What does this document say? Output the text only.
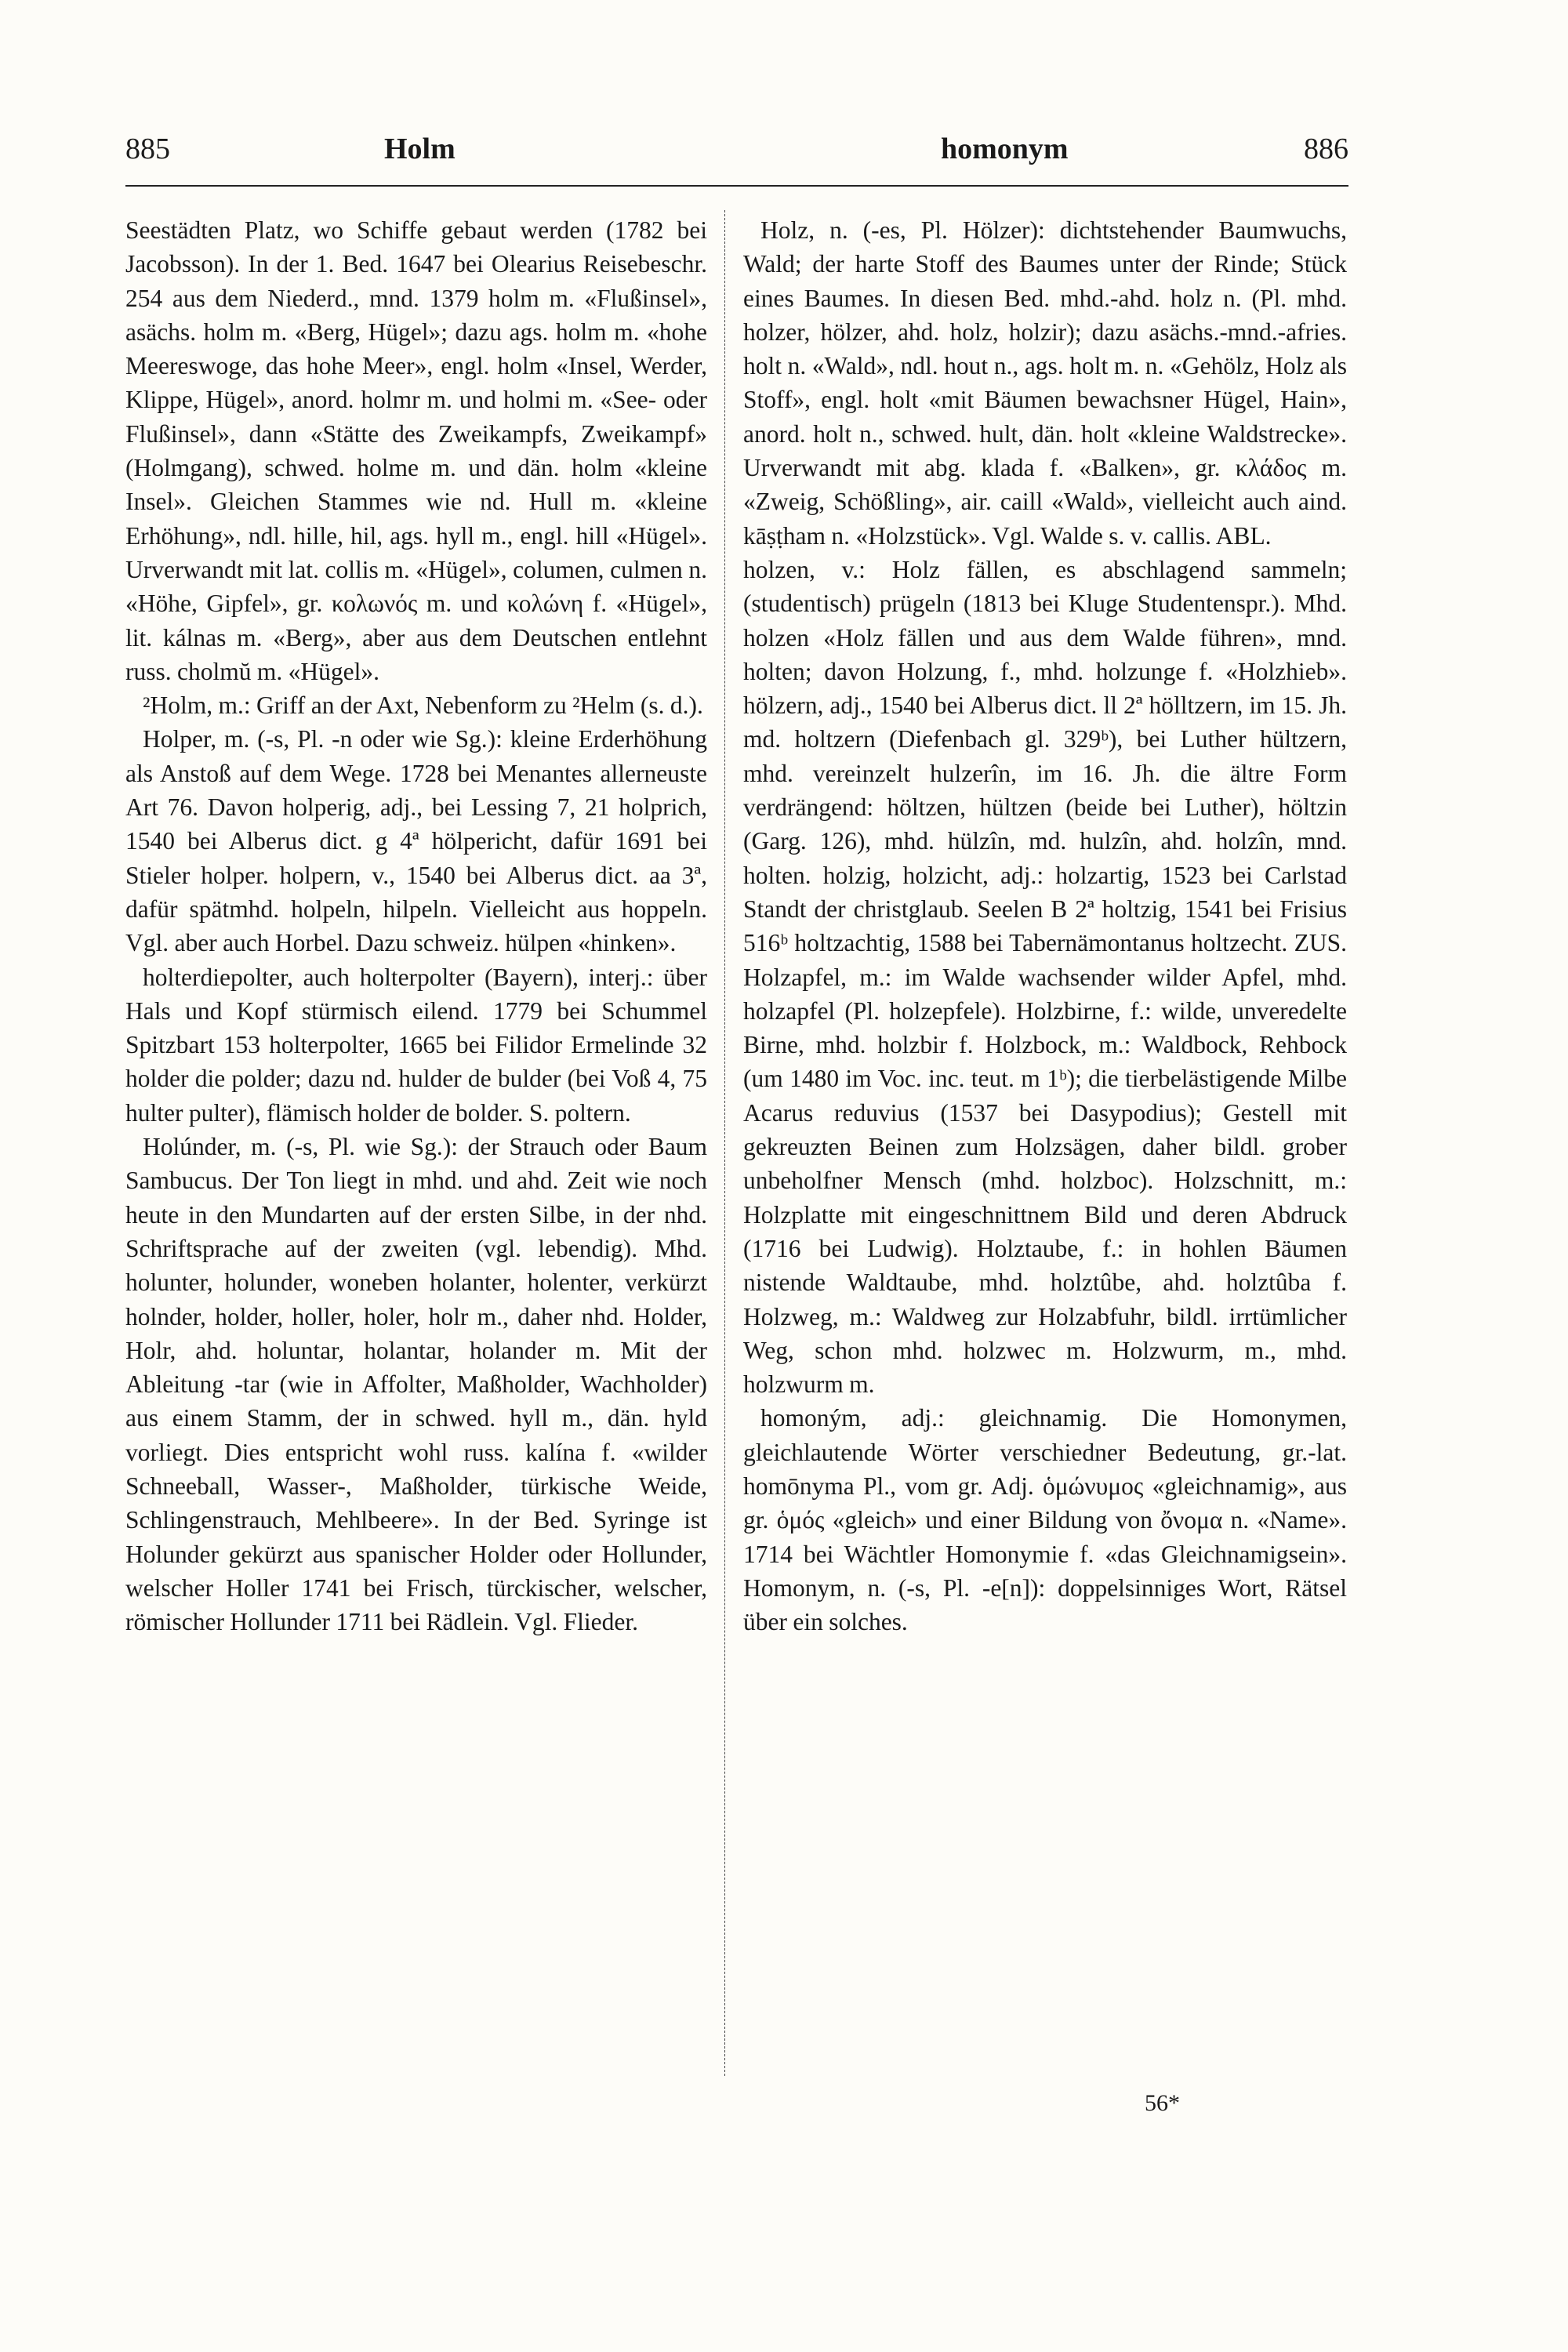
885	Holm	homonym	886

Seestädten Platz, wo Schiffe gebaut werden (1782 bei Jacobsson). In der 1. Bed. 1647 bei Olearius Reisebeschr. 254 aus dem Niederd., mnd. 1379 holm m. «Flußinsel», asächs. holm m. «Berg, Hügel»; dazu ags. holm m. «hohe Meereswoge, das hohe Meer», engl. holm «Insel, Werder, Klippe, Hügel», anord. holmr m. und holmi m. «See- oder Flußinsel», dann «Stätte des Zweikampfs, Zweikampf» (Holmgang), schwed. holme m. und dän. holm «kleine Insel». Gleichen Stammes wie nd. Hull m. «kleine Erhöhung», ndl. hille, hil, ags. hyll m., engl. hill «Hügel». Urverwandt mit lat. collis m. «Hügel», columen, culmen n. «Höhe, Gipfel», gr. κολωνός m. und κολώνη f. «Hügel», lit. kálnas m. «Berg», aber aus dem Deutschen entlehnt russ. cholmŭ m. «Hügel».

²Holm, m.: Griff an der Axt, Nebenform zu ²Helm (s. d.).

Holper, m. (-s, Pl. -n oder wie Sg.): kleine Erderhöhung als Anstoß auf dem Wege. 1728 bei Menantes allerneuste Art 76. Davon holperig, adj., bei Lessing 7, 21 holprich, 1540 bei Alberus dict. g 4ª hölpericht, dafür 1691 bei Stieler holper. holpern, v., 1540 bei Alberus dict. aa 3ª, dafür spätmhd. holpeln, hilpeln. Vielleicht aus hoppeln. Vgl. aber auch Horbel. Dazu schweiz. hülpen «hinken».

holterdiepolter, auch holterpolter (Bayern), interj.: über Hals und Kopf stürmisch eilend. 1779 bei Schummel Spitzbart 153 holterpolter, 1665 bei Filidor Ermelinde 32 holder die polder; dazu nd. hulder de bulder (bei Voß 4, 75 hulter pulter), flämisch holder de bolder. S. poltern.

Holúnder, m. (-s, Pl. wie Sg.): der Strauch oder Baum Sambucus. Der Ton liegt in mhd. und ahd. Zeit wie noch heute in den Mundarten auf der ersten Silbe, in der nhd. Schriftsprache auf der zweiten (vgl. lebendig). Mhd. holunter, holunder, woneben holanter, holenter, verkürzt holnder, holder, holler, holer, holr m., daher nhd. Holder, Holr, ahd. holuntar, holantar, holander m. Mit der Ableitung -tar (wie in Affolter, Maßholder, Wachholder) aus einem Stamm, der in schwed. hyll m., dän. hyld vorliegt. Dies entspricht wohl russ. kalína f. «wilder Schneeball, Wasser-, Maßholder, türkische Weide, Schlingenstrauch, Mehlbeere». In der Bed. Syringe ist Holunder gekürzt aus spanischer Holder oder Hollunder, welscher Holler 1741 bei Frisch, türckischer, welscher, römischer Hollunder 1711 bei Rädlein. Vgl. Flieder.

Holz, n. (-es, Pl. Hölzer): dichtstehender Baumwuchs, Wald; der harte Stoff des Baumes unter der Rinde; Stück eines Baumes. In diesen Bed. mhd.-ahd. holz n. (Pl. mhd. holzer, hölzer, ahd. holz, holzir); dazu asächs.-mnd.-afries. holt n. «Wald», ndl. hout n., ags. holt m. n. «Gehölz, Holz als Stoff», engl. holt «mit Bäumen bewachsner Hügel, Hain», anord. holt n., schwed. hult, dän. holt «kleine Waldstrecke». Urverwandt mit abg. klada f. «Balken», gr. κλάδος m. «Zweig, Schößling», air. caill «Wald», vielleicht auch aind. kāṣṭham n. «Holzstück». Vgl. Walde s. v. callis. ABL.

holzen, v.: Holz fällen, es abschlagend sammeln; (studentisch) prügeln (1813 bei Kluge Studentenspr.). Mhd. holzen «Holz fällen und aus dem Walde führen», mnd. holten; davon Holzung, f., mhd. holzunge f. «Holzhieb». hölzern, adj., 1540 bei Alberus dict. ll 2ª hölltzern, im 15. Jh. md. holtzern (Diefenbach gl. 329ᵇ), bei Luther hültzern, mhd. vereinzelt hulzerîn, im 16. Jh. die ältre Form verdrängend: höltzen, hültzen (beide bei Luther), höltzin (Garg. 126), mhd. hülzîn, md. hulzîn, ahd. holzîn, mnd. holten. holzig, holzicht, adj.: holzartig, 1523 bei Carlstad Standt der christglaub. Seelen B 2ª holtzig, 1541 bei Frisius 516ᵇ holtzachtig, 1588 bei Tabernämontanus holtzecht. ZUS. Holzapfel, m.: im Walde wachsender wilder Apfel, mhd. holzapfel (Pl. holzepfele). Holzbirne, f.: wilde, unveredelte Birne, mhd. holzbir f. Holzbock, m.: Waldbock, Rehbock (um 1480 im Voc. inc. teut. m 1ᵇ); die tierbelästigende Milbe Acarus reduvius (1537 bei Dasypodius); Gestell mit gekreuzten Beinen zum Holzsägen, daher bildl. grober unbeholfner Mensch (mhd. holzboc). Holzschnitt, m.: Holzplatte mit eingeschnittnem Bild und deren Abdruck (1716 bei Ludwig). Holztaube, f.: in hohlen Bäumen nistende Waldtaube, mhd. holztûbe, ahd. holztûba f. Holzweg, m.: Waldweg zur Holzabfuhr, bildl. irrtümlicher Weg, schon mhd. holzwec m. Holzwurm, m., mhd. holzwurm m.

homoným, adj.: gleichnamig. Die Homonymen, gleichlautende Wörter verschiedner Bedeutung, gr.-lat. homōnyma Pl., vom gr. Adj. ὁμώνυμος «gleichnamig», aus gr. ὁμός «gleich» und einer Bildung von ὄνομα n. «Name». 1714 bei Wächtler Homonymie f. «das Gleichnamigsein». Homonym, n. (-s, Pl. -e[n]): doppelsinniges Wort, Rätsel über ein solches.

56*
